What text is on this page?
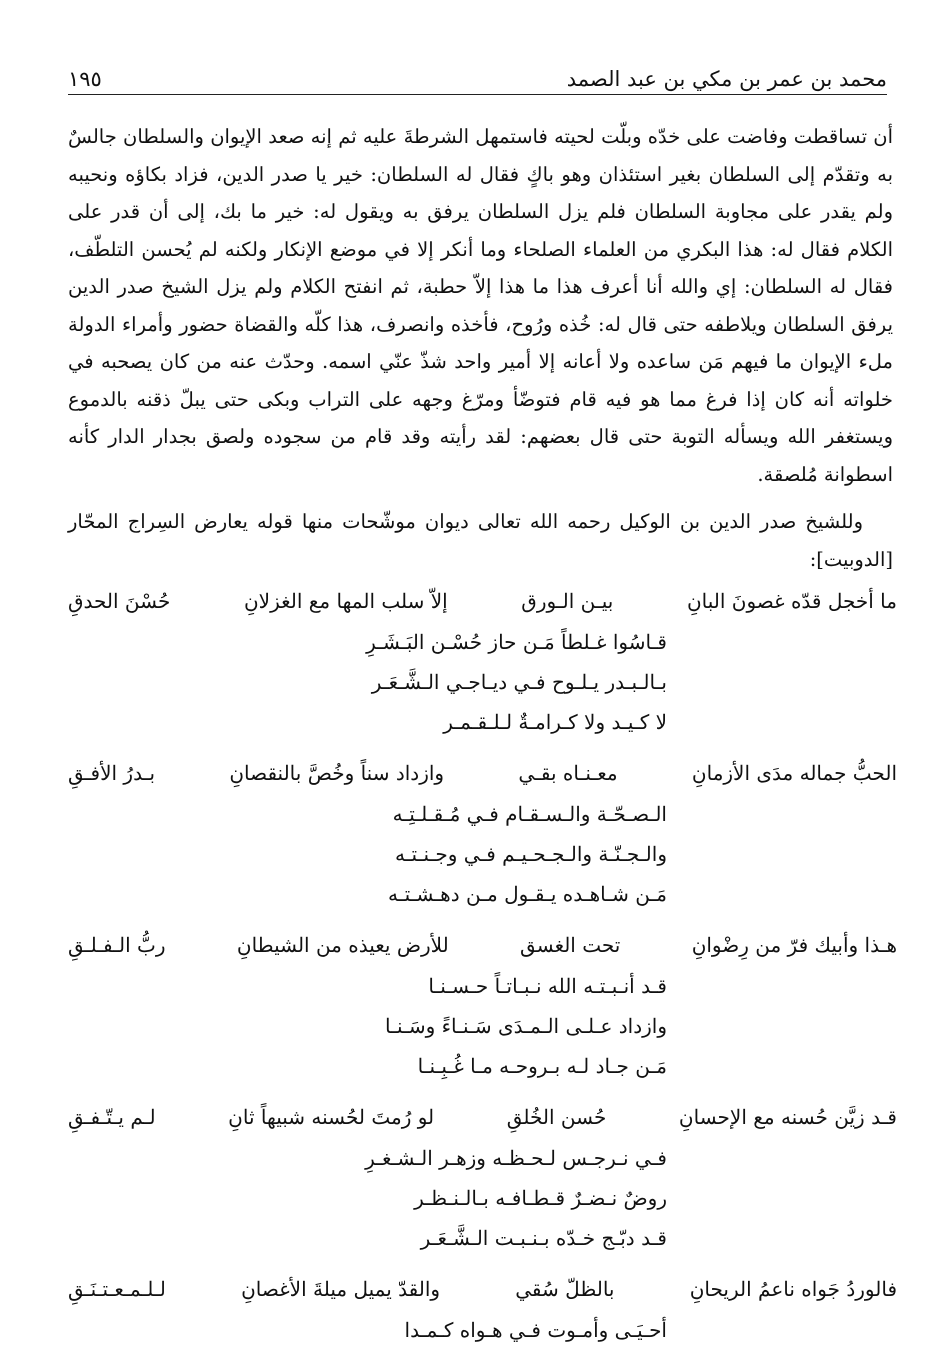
محمد بن عمر بن مكي بن عبد الصمد
١٩٥

أن تساقطت وفاضت على خدّه وبلّت لحيته فاستمهل الشرطةَ عليه ثم إنه صعد الإيوان والسلطان جالسٌ به وتقدّم إلى السلطان بغير استئذان وهو باكٍ فقال له السلطان: خير يا صدر الدين، فزاد بكاؤه ونحيبه ولم يقدر على مجاوبة السلطان فلم يزل السلطان يرفق به ويقول له: خير ما بك، إلى أن قدر على الكلام فقال له: هذا البكري من العلماء الصلحاء وما أنكر إلا في موضع الإنكار ولكنه لم يُحسن التلطّف، فقال له السلطان: إي والله أنا أعرف هذا ما هذا إلاّ حطبة، ثم انفتح الكلام ولم يزل الشيخ صدر الدين يرفق السلطان ويلاطفه حتى قال له: خُذه ورُوح، فأخذه وانصرف، هذا كلّه والقضاة حضور وأمراء الدولة ملء الإيوان ما فيهم مَن ساعده ولا أعانه إلا أمير واحد شذّ عنّي اسمه. وحدّث عنه من كان يصحبه في خلواته أنه كان إذا فرغ مما هو فيه قام فتوضّأ ومرّغ وجهه على التراب وبكى حتى يبلّ ذقنه بالدموع ويستغفر الله ويسأله التوبة حتى قال بعضهم: لقد رأيته وقد قام من سجوده ولصق بجدار الدار كأنه اسطوانة مُلصقة.

وللشيخ صدر الدين بن الوكيل رحمه الله تعالى ديوان موشّحات منها قوله يعارض السِراج المحّار [الدوبيت]:

ما أخجل قدّه غصونَ البانِ
بيـن الـورق
إلاّ سلب المها مع الغزلانِ
حُسْنَ الحدقِ
قـاسُوا غـلطاً مَـن حاز حُسْـن البَـشَـرِ
بـالـبـدر يـلـوح فـي ديـاجـي الـشَّـعَـر
لا كـيـد ولا كـرامـةٌ لـلـقـمـر
الحبُّ جماله مدَى الأزمانِ
معـنـاه بقـي
وازداد سناً وخُصَّ بالنقصانِ
بـدرُ الأفـقِ
الـصـحّـة والـسـقـام فـي مُـقـلـتِـه
والـجـنّـة والـجـحـيـم فـي وجـنـتـه
مَـن شـاهـده يـقـول مـن دهـشـتـه
هـذا وأبيك فرّ من رِضْوانِ
تحت الغسق
للأرض يعيذه من الشيطانِ
ربُّ الـفـلـقِ
قـد أنـبـتـه الله نـبـاتـاً حـسـنـا
وازداد عـلـى الـمـدَى سَـنـاءً وسَـنـا
مَـن جـاد لـه بـروحـه مـا غُـبِـنـا
قـد زيَّن حُسنه مع الإحسانِ
حُسن الخُلقِ
لو رُمتَ لحُسنه شبيهاً ثانِ
لـم يـتّـفـقِ
فـي نـرجـس لـحـظـه وزهـر الـشـغـرِ
روضٌ نـضـرٌ قـطـافـه بـالـنـظـر
قـد دبّـج خـدّه بـنـبـت الـشَّـعَـر
فالوردُ جَواه ناعمُ الريحانِ
بالظلّ سُقي
والقدّ يميل ميلةَ الأغصانِ
لـلـمـعـتـنَـقِ
أحـيَـى وأمـوت فـي هـواه كـمـدا
